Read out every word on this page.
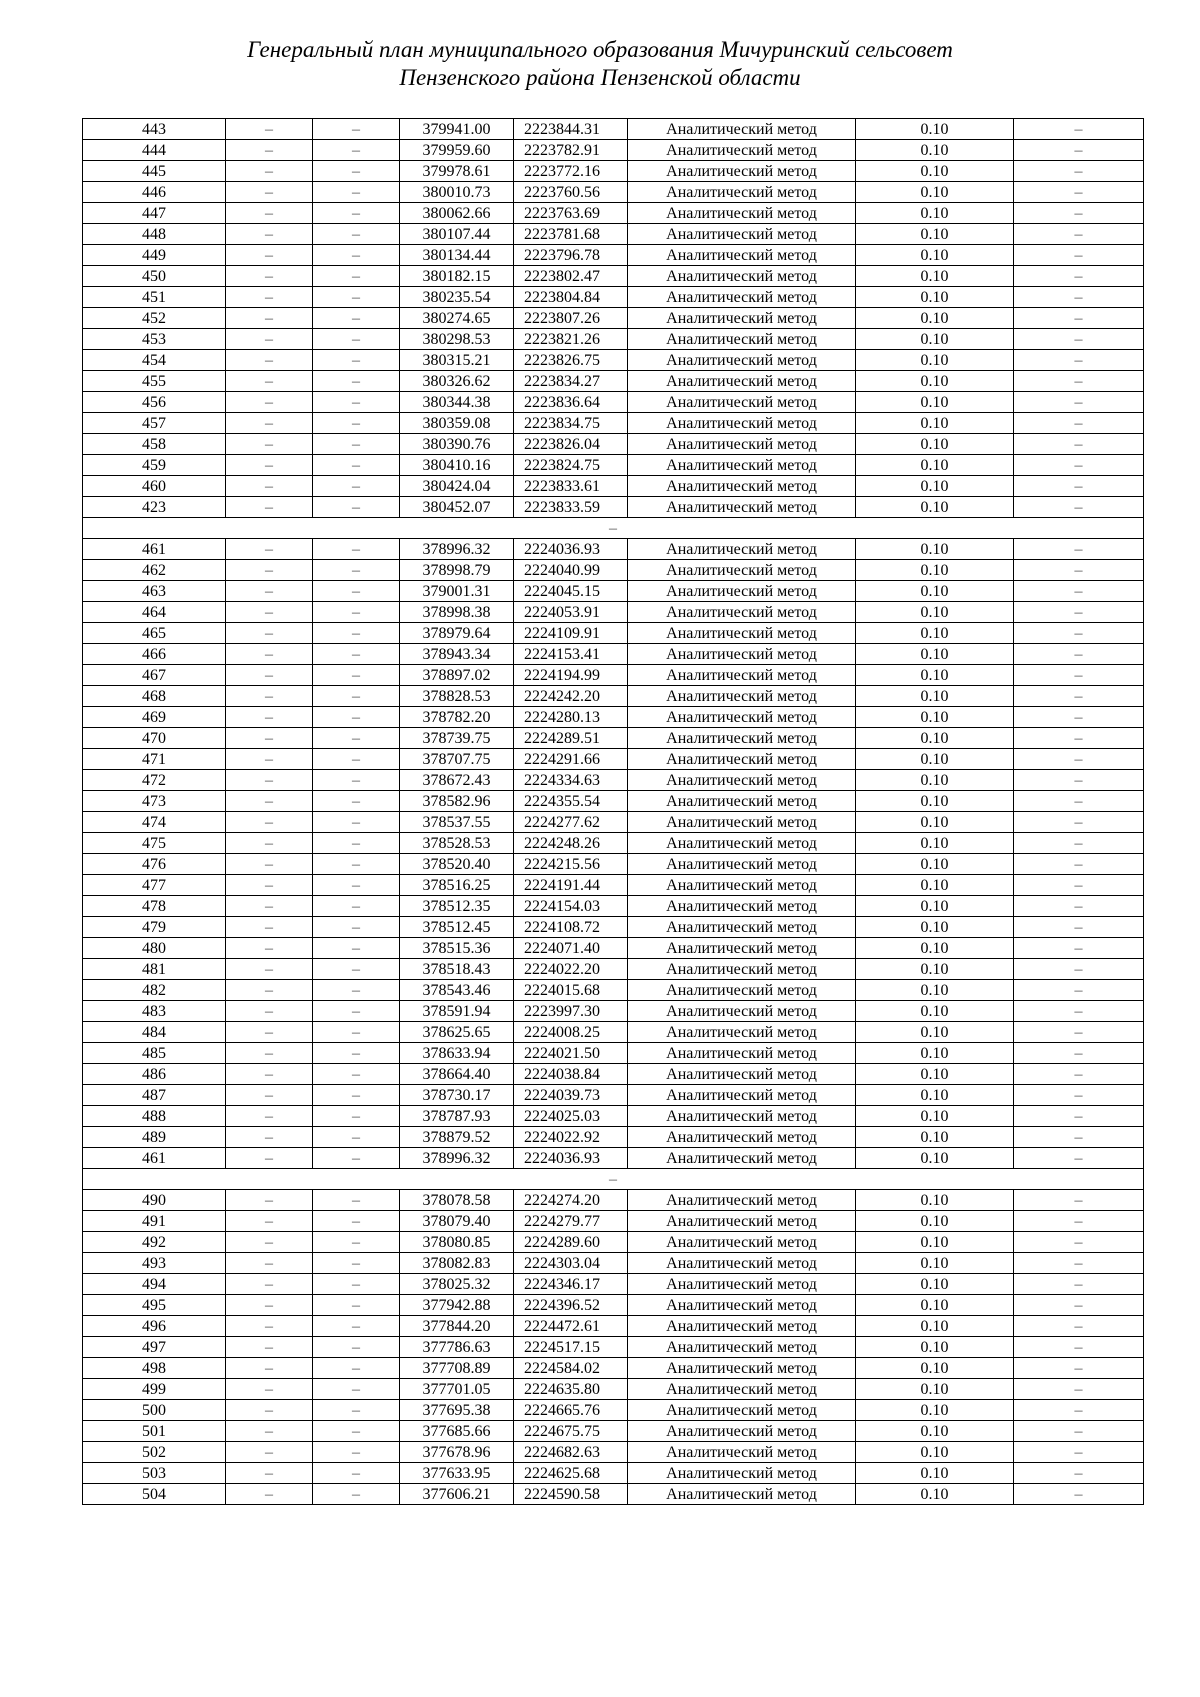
Генеральный план муниципального образования Мичуринский сельсовет
Пензенского района Пензенской области
443	–	–	379941.00	2223844.31	Аналитический метод	0.10	–
444	–	–	379959.60	2223782.91	Аналитический метод	0.10	–
445	–	–	379978.61	2223772.16	Аналитический метод	0.10	–
446	–	–	380010.73	2223760.56	Аналитический метод	0.10	–
447	–	–	380062.66	2223763.69	Аналитический метод	0.10	–
448	–	–	380107.44	2223781.68	Аналитический метод	0.10	–
449	–	–	380134.44	2223796.78	Аналитический метод	0.10	–
450	–	–	380182.15	2223802.47	Аналитический метод	0.10	–
451	–	–	380235.54	2223804.84	Аналитический метод	0.10	–
452	–	–	380274.65	2223807.26	Аналитический метод	0.10	–
453	–	–	380298.53	2223821.26	Аналитический метод	0.10	–
454	–	–	380315.21	2223826.75	Аналитический метод	0.10	–
455	–	–	380326.62	2223834.27	Аналитический метод	0.10	–
456	–	–	380344.38	2223836.64	Аналитический метод	0.10	–
457	–	–	380359.08	2223834.75	Аналитический метод	0.10	–
458	–	–	380390.76	2223826.04	Аналитический метод	0.10	–
459	–	–	380410.16	2223824.75	Аналитический метод	0.10	–
460	–	–	380424.04	2223833.61	Аналитический метод	0.10	–
423	–	–	380452.07	2223833.59	Аналитический метод	0.10	–
–							
461	–	–	378996.32	2224036.93	Аналитический метод	0.10	–
462	–	–	378998.79	2224040.99	Аналитический метод	0.10	–
463	–	–	379001.31	2224045.15	Аналитический метод	0.10	–
464	–	–	378998.38	2224053.91	Аналитический метод	0.10	–
465	–	–	378979.64	2224109.91	Аналитический метод	0.10	–
466	–	–	378943.34	2224153.41	Аналитический метод	0.10	–
467	–	–	378897.02	2224194.99	Аналитический метод	0.10	–
468	–	–	378828.53	2224242.20	Аналитический метод	0.10	–
469	–	–	378782.20	2224280.13	Аналитический метод	0.10	–
470	–	–	378739.75	2224289.51	Аналитический метод	0.10	–
471	–	–	378707.75	2224291.66	Аналитический метод	0.10	–
472	–	–	378672.43	2224334.63	Аналитический метод	0.10	–
473	–	–	378582.96	2224355.54	Аналитический метод	0.10	–
474	–	–	378537.55	2224277.62	Аналитический метод	0.10	–
475	–	–	378528.53	2224248.26	Аналитический метод	0.10	–
476	–	–	378520.40	2224215.56	Аналитический метод	0.10	–
477	–	–	378516.25	2224191.44	Аналитический метод	0.10	–
478	–	–	378512.35	2224154.03	Аналитический метод	0.10	–
479	–	–	378512.45	2224108.72	Аналитический метод	0.10	–
480	–	–	378515.36	2224071.40	Аналитический метод	0.10	–
481	–	–	378518.43	2224022.20	Аналитический метод	0.10	–
482	–	–	378543.46	2224015.68	Аналитический метод	0.10	–
483	–	–	378591.94	2223997.30	Аналитический метод	0.10	–
484	–	–	378625.65	2224008.25	Аналитический метод	0.10	–
485	–	–	378633.94	2224021.50	Аналитический метод	0.10	–
486	–	–	378664.40	2224038.84	Аналитический метод	0.10	–
487	–	–	378730.17	2224039.73	Аналитический метод	0.10	–
488	–	–	378787.93	2224025.03	Аналитический метод	0.10	–
489	–	–	378879.52	2224022.92	Аналитический метод	0.10	–
461	–	–	378996.32	2224036.93	Аналитический метод	0.10	–
–							
490	–	–	378078.58	2224274.20	Аналитический метод	0.10	–
491	–	–	378079.40	2224279.77	Аналитический метод	0.10	–
492	–	–	378080.85	2224289.60	Аналитический метод	0.10	–
493	–	–	378082.83	2224303.04	Аналитический метод	0.10	–
494	–	–	378025.32	2224346.17	Аналитический метод	0.10	–
495	–	–	377942.88	2224396.52	Аналитический метод	0.10	–
496	–	–	377844.20	2224472.61	Аналитический метод	0.10	–
497	–	–	377786.63	2224517.15	Аналитический метод	0.10	–
498	–	–	377708.89	2224584.02	Аналитический метод	0.10	–
499	–	–	377701.05	2224635.80	Аналитический метод	0.10	–
500	–	–	377695.38	2224665.76	Аналитический метод	0.10	–
501	–	–	377685.66	2224675.75	Аналитический метод	0.10	–
502	–	–	377678.96	2224682.63	Аналитический метод	0.10	–
503	–	–	377633.95	2224625.68	Аналитический метод	0.10	–
504	–	–	377606.21	2224590.58	Аналитический метод	0.10	–
